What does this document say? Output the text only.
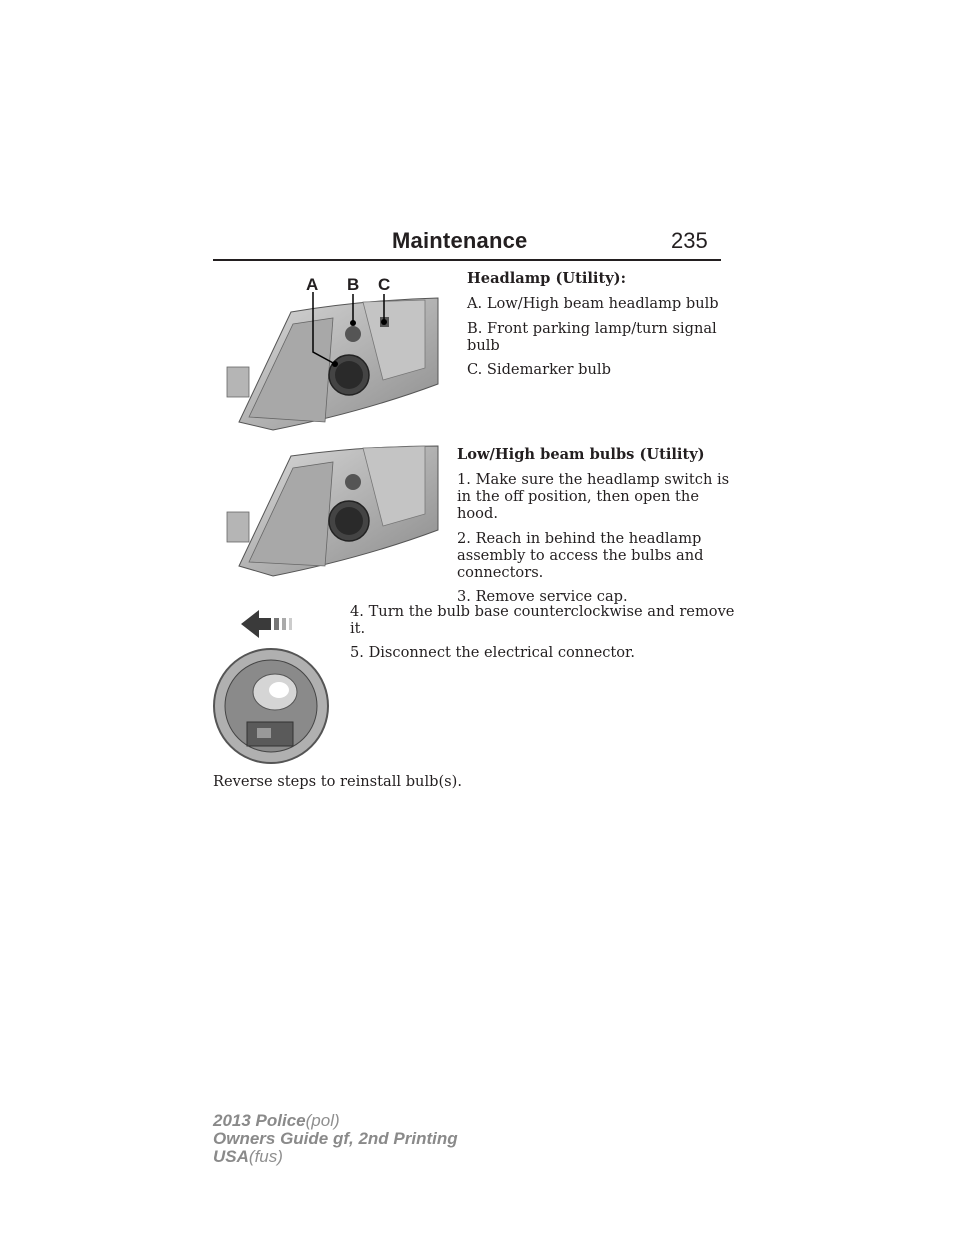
Maintenance	235
A B C	Headlamp (Utility):

A. Low/High beam headlamp bulb

B. Front parking lamp/turn signal

bulb

C. Sidemarker bulb

Low/High beam bulbs (Utility)

1. Make sure the headlamp switch is

in the off position, then open the

hood.

2. Reach in behind the headlamp

assembly to access the bulbs and

connectors.

3. Remove service cap.

4. Turn the bulb base counterclockwise and remove

it.

5. Disconnect the electrical connector.

Reverse steps to reinstall bulb(s).

2013 Police(pol)
Owners Guide gf, 2nd Printing
USA(fus)
